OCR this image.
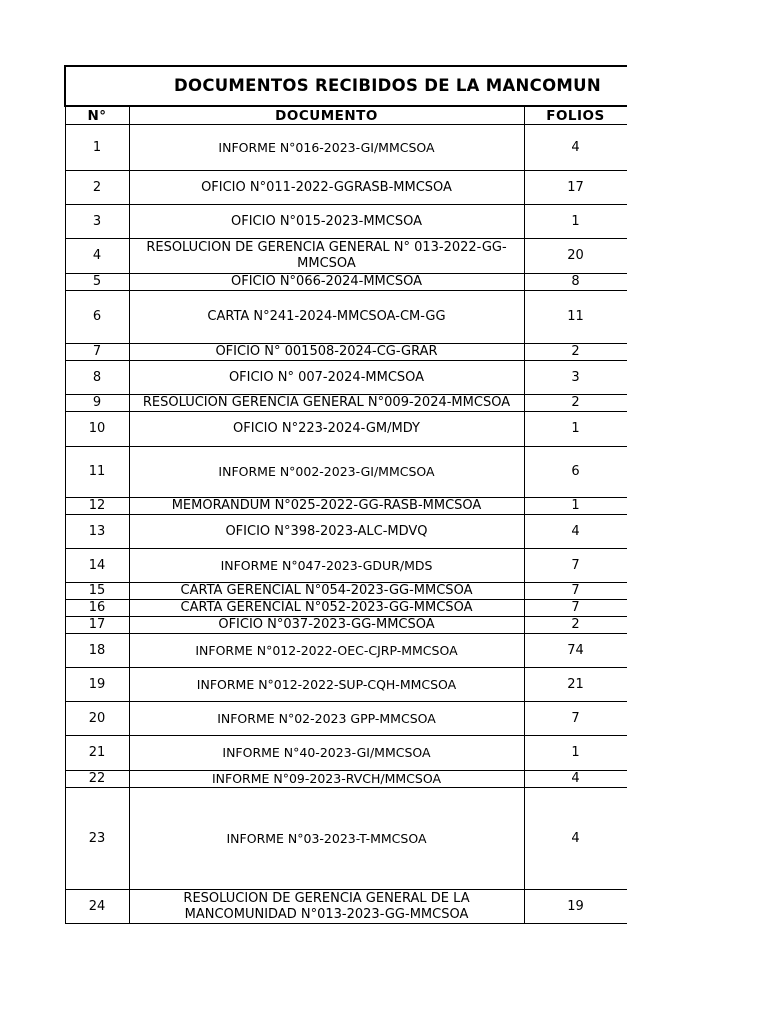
DOCUMENTOS RECIBIDOS DE LA MANCOMUN			
N°	DOCUMENTO	FOLIOS	
1	INFORME N°016-2023-GI/MMCSOA	4	
2	OFICIO N°011-2022-GGRASB-MMCSOA	17	
3	OFICIO N°015-2023-MMCSOA	1	
4	RESOLUCION DE GERENCIA GENERAL N° 013-2022-GG-MMCSOA	20	
5	OFICIO N°066-2024-MMCSOA	8	
6	CARTA N°241-2024-MMCSOA-CM-GG	11	
7	OFICIO N° 001508-2024-CG-GRAR	2	
8	OFICIO N° 007-2024-MMCSOA	3	
9	RESOLUCION GERENCIA GENERAL N°009-2024-MMCSOA	2	
10	OFICIO N°223-2024-GM/MDY	1	
11	INFORME N°002-2023-GI/MMCSOA	6	
12	MEMORANDUM N°025-2022-GG-RASB-MMCSOA	1	
13	OFICIO N°398-2023-ALC-MDVQ	4	
14	INFORME N°047-2023-GDUR/MDS	7	
15	CARTA GERENCIAL N°054-2023-GG-MMCSOA	7	
16	CARTA GERENCIAL N°052-2023-GG-MMCSOA	7	
17	OFICIO N°037-2023-GG-MMCSOA	2	
18	INFORME N°012-2022-OEC-CJRP-MMCSOA	74	
19	INFORME N°012-2022-SUP-CQH-MMCSOA	21	
20	INFORME N°02-2023 GPP-MMCSOA	7	
21	INFORME N°40-2023-GI/MMCSOA	1	
22	INFORME N°09-2023-RVCH/MMCSOA	4	
23	INFORME N°03-2023-T-MMCSOA	4	
24	RESOLUCION DE GERENCIA GENERAL DE LA MANCOMUNIDAD N°013-2023-GG-MMCSOA	19	
